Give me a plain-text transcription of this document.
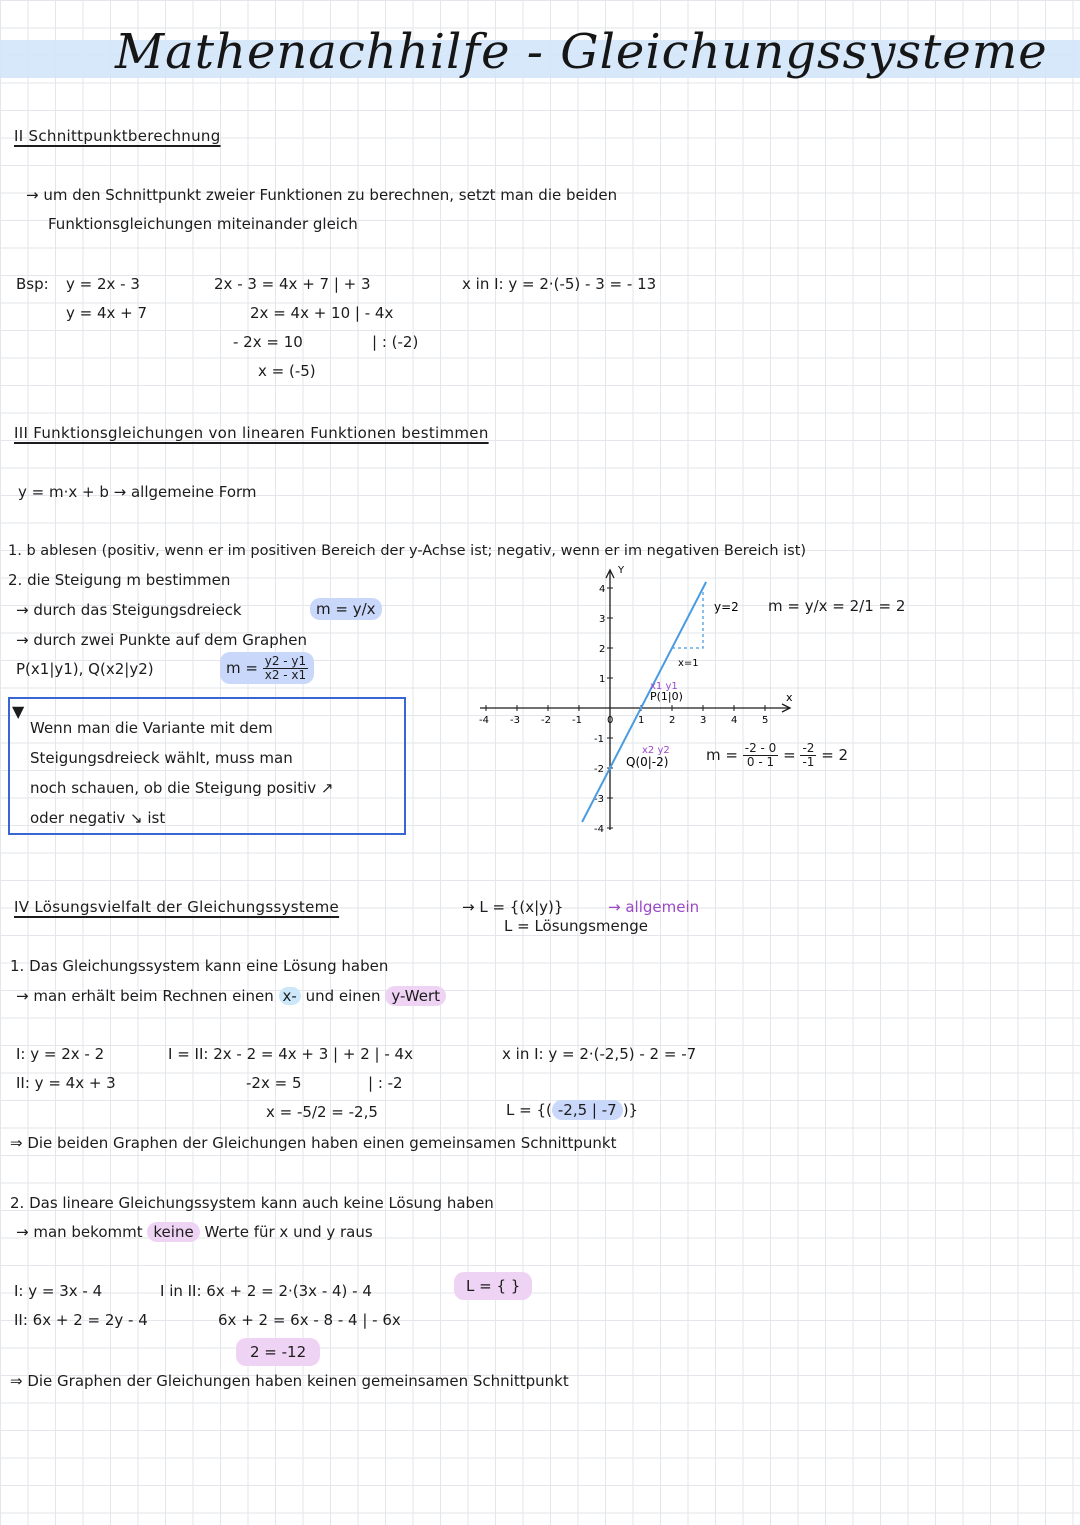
Mathenachhilfe - Gleichungssysteme
II Schnittpunktberechnung
→ um den Schnittpunkt zweier Funktionen zu berechnen, setzt man die beiden
Funktionsgleichungen miteinander gleich
Bsp: y = 2x - 3
y = 4x + 7
2x - 3 = 4x + 7 | + 3
2x = 4x + 10 | - 4x
- 2x = 10	| : (-2)
x = (-5)
x in I: y = 2·(-5) - 3 = - 13
III Funktionsgleichungen von linearen Funktionen bestimmen
y = m·x + b → allgemeine Form
1. b ablesen (positiv, wenn er im positiven Bereich der y-Achse ist; negativ, wenn er im negativen Bereich ist)
2. die Steigung m bestimmen
→ durch das Steigungsdreieck	m = y/x
→ durch zwei Punkte auf dem Graphen
P(x1|y1), Q(x2|y2)	$m = \frac{y2 - y1}{x2 - x1}$
▼
Wenn man die Variante mit dem
Steigungsdreieck wählt, muss man
noch schauen, ob die Steigung positiv ↗
oder negativ ↘ ist
-4 -3 -2 -1	0 1 2 3 4 5
4
3
2
1
-1
-2
-3
-4
x
Y
y=2
x=1
x1 y1
P(1|0)
x2 y2
Q(0|-2)
m = y/x = 2/1 = 2
$m = \frac{-2 - 0}{0 - 1} = \frac{-2}{-1} = 2$
IV Lösungsvielfalt der Gleichungssysteme	→ L = {(x|y)}	→ allgemein
L = Lösungsmenge
1. Das Gleichungssystem kann eine Lösung haben
→ man erhält beim Rechnen einen x- und einen y-Wert
I: y = 2x - 2
II: y = 4x + 3
I = II: 2x - 2 = 4x + 3 | + 2 | - 4x
-2x = 5	| : -2
x = -5/2 = -2,5
x in I: y = 2·(-2,5) - 2 = -7
L = {( -2,5 | -7 )}
⇒ Die beiden Graphen der Gleichungen haben einen gemeinsamen Schnittpunkt
2. Das lineare Gleichungssystem kann auch keine Lösung haben
→ man bekommt keine Werte für x und y raus
I: y = 3x - 4
II: 6x + 2 = 2y - 4
I in II: 6x + 2 = 2·(3x - 4) - 4
6x + 2 = 6x - 8 - 4 | - 6x
2 = -12
L = { }
⇒ Die Graphen der Gleichungen haben keinen gemeinsamen Schnittpunkt
